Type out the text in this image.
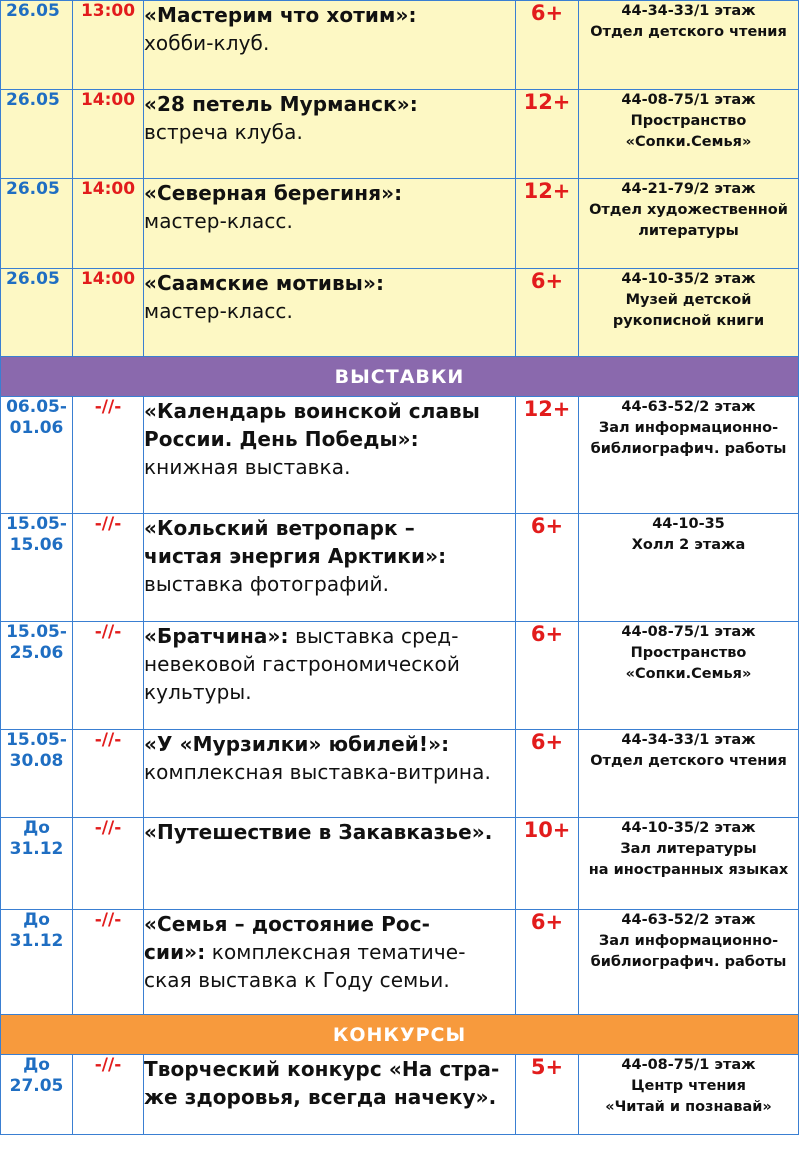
26.05	13:00	«Мастерим что хотим»:
хобби-клуб.	6+	44-34-33/1 этаж
Отдел детского чтения

26.05	14:00	«28 петель Мурманск»:
встреча клуба.	12+	44-08-75/1 этаж
Пространство
«Сопки.Семья»

26.05	14:00	«Северная берегиня»:
мастер-класс.	12+	44-21-79/2 этаж
Отдел художественной
литературы

26.05	14:00	«Саамские мотивы»:
мастер-класс.	6+	44-10-35/2 этаж
Музей детской
рукописной книги

ВЫСТАВКИ				

06.05-
01.06	-//-	«Календарь воинской славы
России. День Победы»:
книжная выставка.	12+	44-63-52/2 этаж
Зал информационно-
библиографич. работы

15.05-
15.06	-//-	«Кольский ветропарк –
чистая энергия Арктики»:
выставка фотографий.	6+	44-10-35
Холл 2 этажа

15.05-
25.06	-//-	«Братчина»: выставка сред-
невековой гастрономической
культуры.	6+	44-08-75/1 этаж
Пространство
«Сопки.Семья»

15.05-
30.08	-//-	«У «Мурзилки» юбилей!»:
комплексная выставка-витрина.	6+	44-34-33/1 этаж
Отдел детского чтения

До
31.12	-//-	«Путешествие в Закавказье».	10+	44-10-35/2 этаж
Зал литературы
на иностранных языках

До
31.12	-//-	«Семья – достояние Рос-
сии»: комплексная тематиче-
ская выставка к Году семьи.	6+	44-63-52/2 этаж
Зал информационно-
библиографич. работы

КОНКУРСЫ				

До
27.05	-//-	Творческий конкурс «На стра-
же здоровья, всегда начеку».	5+	44-08-75/1 этаж
Центр чтения
«Читай и познавай»
